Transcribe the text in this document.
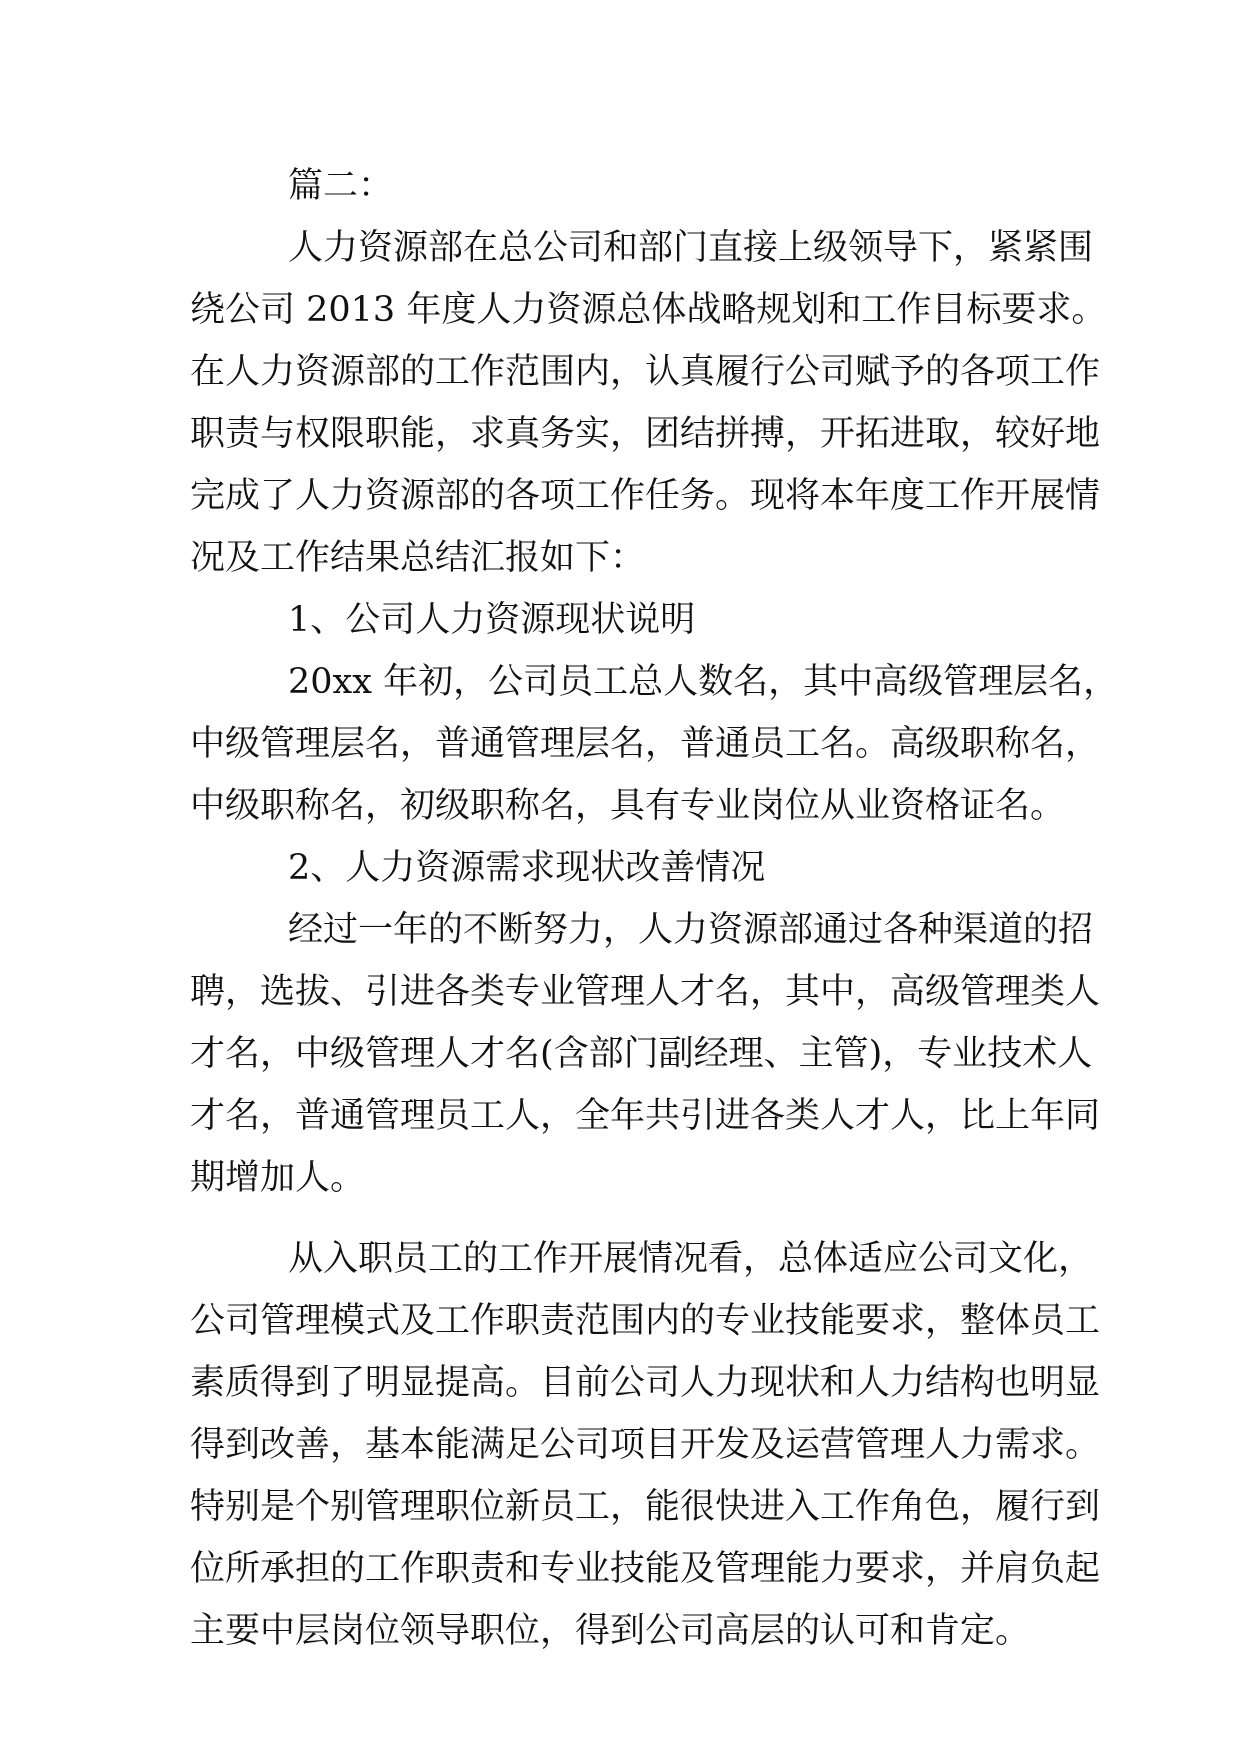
篇二：
人力资源部在总公司和部门直接上级领导下，紧紧围
绕公司 2013 年度人力资源总体战略规划和工作目标要求。
在人力资源部的工作范围内，认真履行公司赋予的各项工作
职责与权限职能，求真务实，团结拼搏，开拓进取，较好地
完成了人力资源部的各项工作任务。现将本年度工作开展情
况及工作结果总结汇报如下：
1、公司人力资源现状说明
20xx 年初，公司员工总人数名，其中高级管理层名，
中级管理层名，普通管理层名，普通员工名。高级职称名，
中级职称名，初级职称名，具有专业岗位从业资格证名。
2、人力资源需求现状改善情况
经过一年的不断努力，人力资源部通过各种渠道的招
聘，选拔、引进各类专业管理人才名，其中，高级管理类人
才名，中级管理人才名(含部门副经理、主管)，专业技术人
才名，普通管理员工人，全年共引进各类人才人，比上年同
期增加人。
从入职员工的工作开展情况看，总体适应公司文化，
公司管理模式及工作职责范围内的专业技能要求，整体员工
素质得到了明显提高。目前公司人力现状和人力结构也明显
得到改善，基本能满足公司项目开发及运营管理人力需求。
特别是个别管理职位新员工，能很快进入工作角色，履行到
位所承担的工作职责和专业技能及管理能力要求，并肩负起
主要中层岗位领导职位，得到公司高层的认可和肯定。
